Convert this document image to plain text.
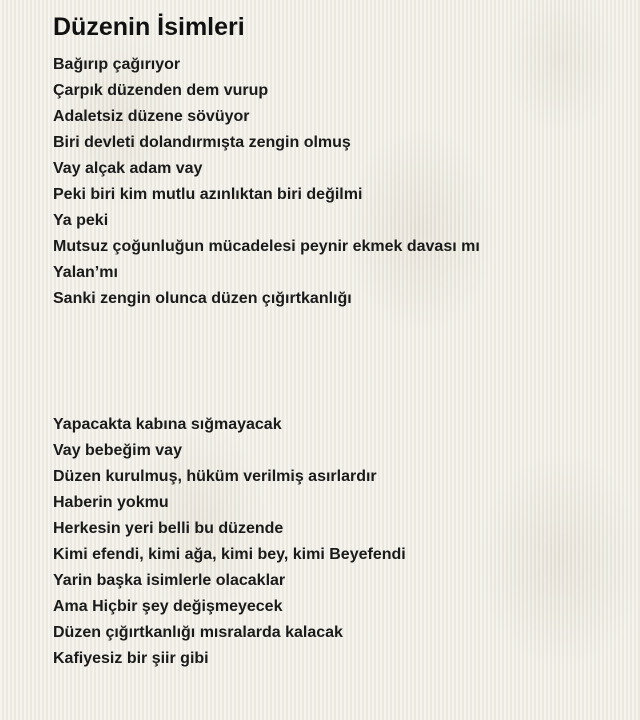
Düzenin İsimleri
Bağırıp çağırıyor
Çarpık düzenden dem vurup
Adaletsiz düzene sövüyor
Biri devleti dolandırmışta zengin olmuş
Vay alçak adam vay
Peki biri kim mutlu azınlıktan biri değilmi
Ya peki
Mutsuz çoğunluğun mücadelesi peynir ekmek davası mı
Yalan’mı
Sanki zengin olunca düzen çığırtkanlığı
Yapacakta kabına sığmayacak
Vay bebeğim vay
Düzen kurulmuş, hüküm verilmiş asırlardır
Haberin yokmu
Herkesin yeri belli bu düzende
Kimi efendi, kimi ağa, kimi bey, kimi Beyefendi
Yarin başka isimlerle olacaklar
Ama Hiçbir şey değişmeyecek
Düzen çığırtkanlığı mısralarda kalacak
Kafiyesiz bir şiir gibi
